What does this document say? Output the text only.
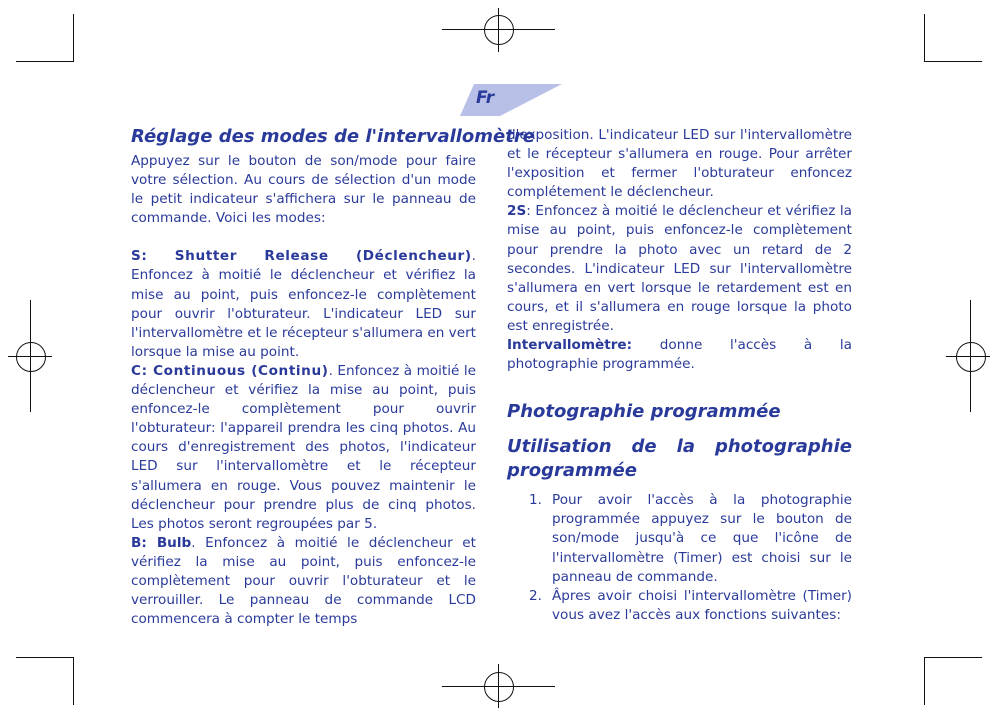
Fr
Réglage des modes de l'intervallomètre

Appuyez sur le bouton de son/mode pour faire votre sélection. Au cours de sélection d'un mode le petit indicateur s'affichera sur le panneau de commande. Voici les modes:

S: Shutter Release (Déclencheur). Enfoncez à moitié le déclencheur et vérifiez la mise au point, puis enfoncez-le complètement pour ouvrir l'obturateur. L'indicateur LED sur l'intervallomètre et le récepteur s'allumera en vert lorsque la mise au point.

C: Continuous (Continu). Enfoncez à moitié le déclencheur et vérifiez la mise au point, puis enfoncez-le complètement pour ouvrir l'obturateur: l'appareil prendra les cinq photos. Au cours d'enregistrement des photos, l'indicateur LED sur l'intervallomètre et le récepteur s'allumera en rouge. Vous pouvez maintenir le déclencheur pour prendre plus de cinq photos. Les photos seront regroupées par 5.

B: Bulb. Enfoncez à moitié le déclencheur et vérifiez la mise au point, puis enfoncez-le complètement pour ouvrir l'obturateur et le verrouiller. Le panneau de commande LCD commencera à compter le temps

d'exposition. L'indicateur LED sur l'intervallomètre et le récepteur s'allumera en rouge. Pour arrêter l'exposition et fermer l'obturateur enfoncez complétement le déclencheur.

2S: Enfoncez à moitié le déclencheur et vérifiez la mise au point, puis enfoncez-le complètement pour prendre la photo avec un retard de 2 secondes. L'indicateur LED sur l'intervallomètre s'allumera en vert lorsque le retardement est en cours, et il s'allumera en rouge lorsque la photo est enregistrée.

Intervallomètre: donne l'accès à la photographie programmée.

Photographie programmée

Utilisation de la photographie programmée

1. Pour avoir l'accès à la photographie programmée appuyez sur le bouton de son/mode jusqu'à ce que l'icône de l'intervallomètre (Timer) est choisi sur le panneau de commande.
2. Âpres avoir choisi l'intervallomètre (Timer) vous avez l'accès aux fonctions suivantes:
